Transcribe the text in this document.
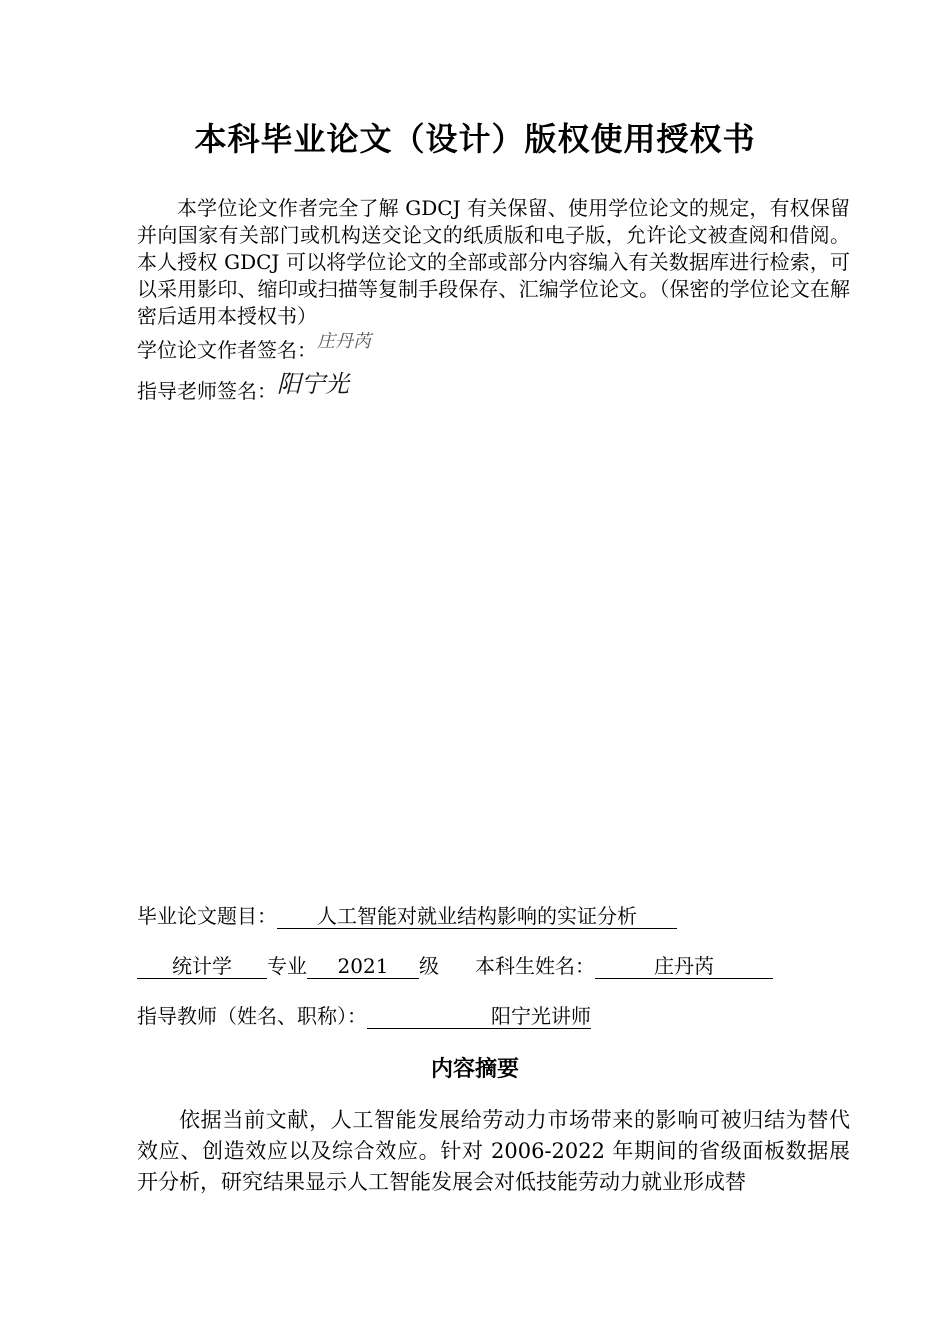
本科毕业论文（设计）版权使用授权书
本学位论文作者完全了解 GDCJ 有关保留、使用学位论文的规定，有权保留并向国家有关部门或机构送交论文的纸质版和电子版，允许论文被查阅和借阅。本人授权 GDCJ 可以将学位论文的全部或部分内容编入有关数据库进行检索，可以采用影印、缩印或扫描等复制手段保存、汇编学位论文。（保密的学位论文在解密后适用本授权书）
学位论文作者签名：庄丹芮
指导老师签名：阳宁光
毕业论文题目： 人工智能对就业结构影响的实证分析
统计学 专业 2021 级 本科生姓名：	庄丹芮
指导教师（姓名、职称）：	阳宁光讲师
内容摘要
依据当前文献，人工智能发展给劳动力市场带来的影响可被归结为替代效应、创造效应以及综合效应。针对 2006-2022 年期间的省级面板数据展开分析，研究结果显示人工智能发展会对低技能劳动力就业形成替
